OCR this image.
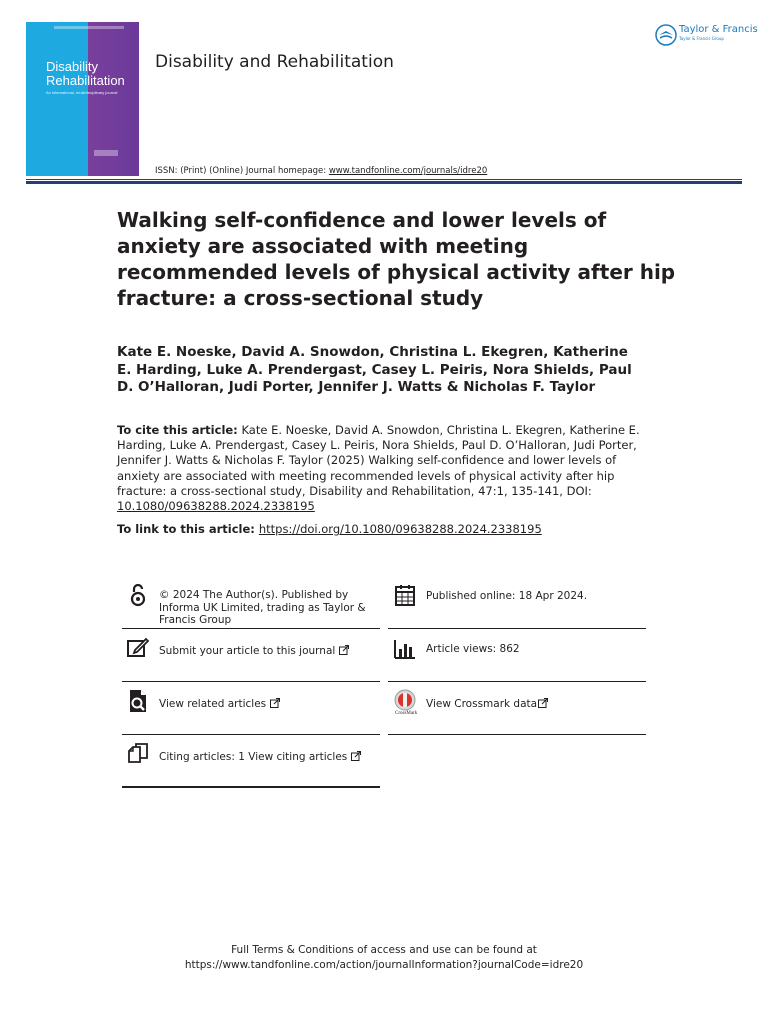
Disability
Rehabilitation
An international, multidisciplinary journal
Disability and Rehabilitation
Taylor & Francis
Taylor & Francis Group
ISSN: (Print) (Online) Journal homepage: www.tandfonline.com/journals/idre20
Walking self-confidence and lower levels of anxiety are associated with meeting recommended levels of physical activity after hip fracture: a cross-sectional study
Kate E. Noeske, David A. Snowdon, Christina L. Ekegren, Katherine E. Harding, Luke A. Prendergast, Casey L. Peiris, Nora Shields, Paul D. O’Halloran, Judi Porter, Jennifer J. Watts & Nicholas F. Taylor
To cite this article: Kate E. Noeske, David A. Snowdon, Christina L. Ekegren, Katherine E. Harding, Luke A. Prendergast, Casey L. Peiris, Nora Shields, Paul D. O’Halloran, Judi Porter, Jennifer J. Watts & Nicholas F. Taylor (2025) Walking self-confidence and lower levels of anxiety are associated with meeting recommended levels of physical activity after hip fracture: a cross-sectional study, Disability and Rehabilitation, 47:1, 135-141, DOI: 10.1080/09638288.2024.2338195
To link to this article: https://doi.org/10.1080/09638288.2024.2338195
© 2024 The Author(s). Published by Informa UK Limited, trading as Taylor & Francis Group
Published online: 18 Apr 2024.
Submit your article to this journal	Article views: 862
View related articles
CrossMark
View Crossmark data
Citing articles: 1 View citing articles
Full Terms & Conditions of access and use can be found at
https://www.tandfonline.com/action/journalInformation?journalCode=idre20
